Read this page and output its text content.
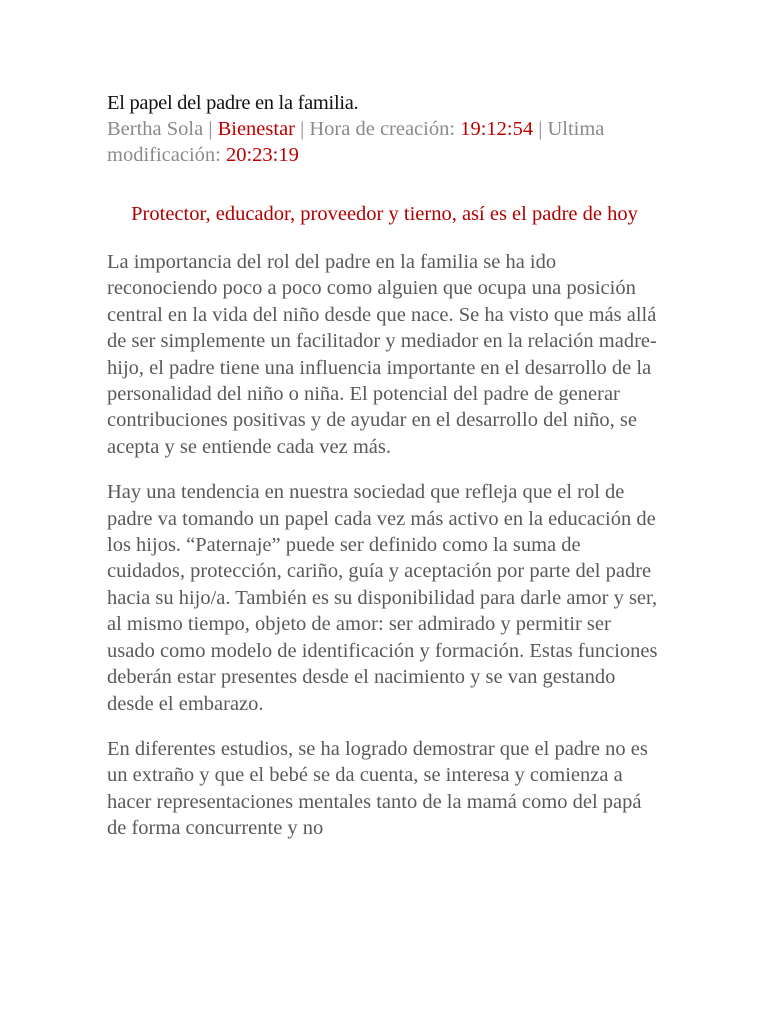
El papel del padre en la familia.

Bertha Sola | Bienestar | Hora de creación: 19:12:54 | Ultima modificación: 20:23:19

Protector, educador, proveedor y tierno, así es el padre de hoy

La importancia del rol del padre en la familia se ha ido reconociendo poco a poco como alguien que ocupa una posición central en la vida del niño desde que nace. Se ha visto que más allá de ser simplemente un facilitador y mediador en la relación madre-hijo, el padre tiene una influencia importante en el desarrollo de la personalidad del niño o niña. El potencial del padre de generar contribuciones positivas y de ayudar en el desarrollo del niño, se acepta y se entiende cada vez más.

Hay una tendencia en nuestra sociedad que refleja que el rol de padre va tomando un papel cada vez más activo en la educación de los hijos. “Paternaje” puede ser definido como la suma de cuidados, protección, cariño, guía y aceptación por parte del padre hacia su hijo/a. También es su disponibilidad para darle amor y ser, al mismo tiempo, objeto de amor: ser admirado y permitir ser usado como modelo de identificación y formación. Estas funciones deberán estar presentes desde el nacimiento y se van gestando desde el embarazo.

En diferentes estudios, se ha logrado demostrar que el padre no es un extraño y que el bebé se da cuenta, se interesa y comienza a hacer representaciones mentales tanto de la mamá como del papá de forma concurrente y no
